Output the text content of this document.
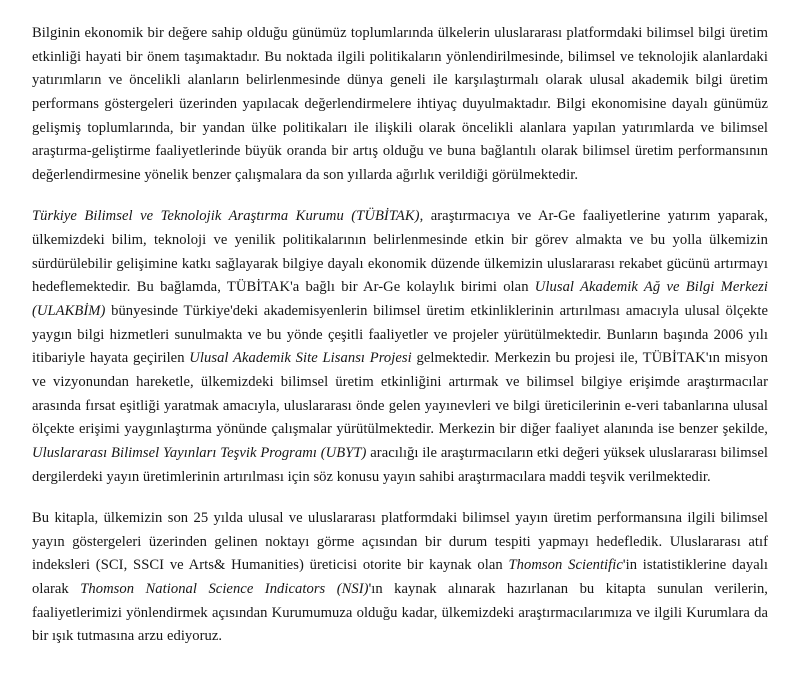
Bilginin ekonomik bir değere sahip olduğu günümüz toplumlarında ülkelerin uluslararası platformdaki bilimsel bilgi üretim etkinliği hayati bir önem taşımaktadır. Bu noktada ilgili politikaların yönlendirilmesinde, bilimsel ve teknolojik alanlardaki yatırımların ve öncelikli alanların belirlenmesinde dünya geneli ile karşılaştırmalı olarak ulusal akademik bilgi üretim performans göstergeleri üzerinden yapılacak değerlendirmelere ihtiyaç duyulmaktadır. Bilgi ekonomisine dayalı günümüz gelişmiş toplumlarında, bir yandan ülke politikaları ile ilişkili olarak öncelikli alanlara yapılan yatırımlarda ve bilimsel araştırma-geliştirme faaliyetlerinde büyük oranda bir artış olduğu ve buna bağlantılı olarak bilimsel üretim performansının değerlendirmesine yönelik benzer çalışmalara da son yıllarda ağırlık verildiği görülmektedir.

Türkiye Bilimsel ve Teknolojik Araştırma Kurumu (TÜBİTAK), araştırmacıya ve Ar-Ge faaliyetlerine yatırım yaparak, ülkemizdeki bilim, teknoloji ve yenilik politikalarının belirlenmesinde etkin bir görev almakta ve bu yolla ülkemizin sürdürülebilir gelişimine katkı sağlayarak bilgiye dayalı ekonomik düzende ülkemizin uluslararası rekabet gücünü artırmayı hedeflemektedir. Bu bağlamda, TÜBİTAK'a bağlı bir Ar-Ge kolaylık birimi olan Ulusal Akademik Ağ ve Bilgi Merkezi (ULAKBİM) bünyesinde Türkiye'deki akademisyenlerin bilimsel üretim etkinliklerinin artırılması amacıyla ulusal ölçekte yaygın bilgi hizmetleri sunulmakta ve bu yönde çeşitli faaliyetler ve projeler yürütülmektedir. Bunların başında 2006 yılı itibariyle hayata geçirilen Ulusal Akademik Site Lisansı Projesi gelmektedir. Merkezin bu projesi ile, TÜBİTAK'ın misyon ve vizyonundan hareketle, ülkemizdeki bilimsel üretim etkinliğini artırmak ve bilimsel bilgiye erişimde araştırmacılar arasında fırsat eşitliği yaratmak amacıyla, uluslararası önde gelen yayınevleri ve bilgi üreticilerinin e-veri tabanlarına ulusal ölçekte erişimi yaygınlaştırma yönünde çalışmalar yürütülmektedir. Merkezin bir diğer faaliyet alanında ise benzer şekilde, Uluslararası Bilimsel Yayınları Teşvik Programı (UBYT) aracılığı ile araştırmacıların etki değeri yüksek uluslararası bilimsel dergilerdeki yayın üretimlerinin artırılması için söz konusu yayın sahibi araştırmacılara maddi teşvik verilmektedir.

Bu kitapla, ülkemizin son 25 yılda ulusal ve uluslararası platformdaki bilimsel yayın üretim performansına ilgili bilimsel yayın göstergeleri üzerinden gelinen noktayı görme açısından bir durum tespiti yapmayı hedefledik. Uluslararası atıf indeksleri (SCI, SSCI ve Arts& Humanities) üreticisi otorite bir kaynak olan Thomson Scientific'in istatistiklerine dayalı olarak Thomson National Science Indicators (NSI)'ın kaynak alınarak hazırlanan bu kitapta sunulan verilerin, faaliyetlerimizi yönlendirmek açısından Kurumumuza olduğu kadar, ülkemizdeki araştırmacılarımıza ve ilgili Kurumlara da bir ışık tutmasına arzu ediyoruz.
